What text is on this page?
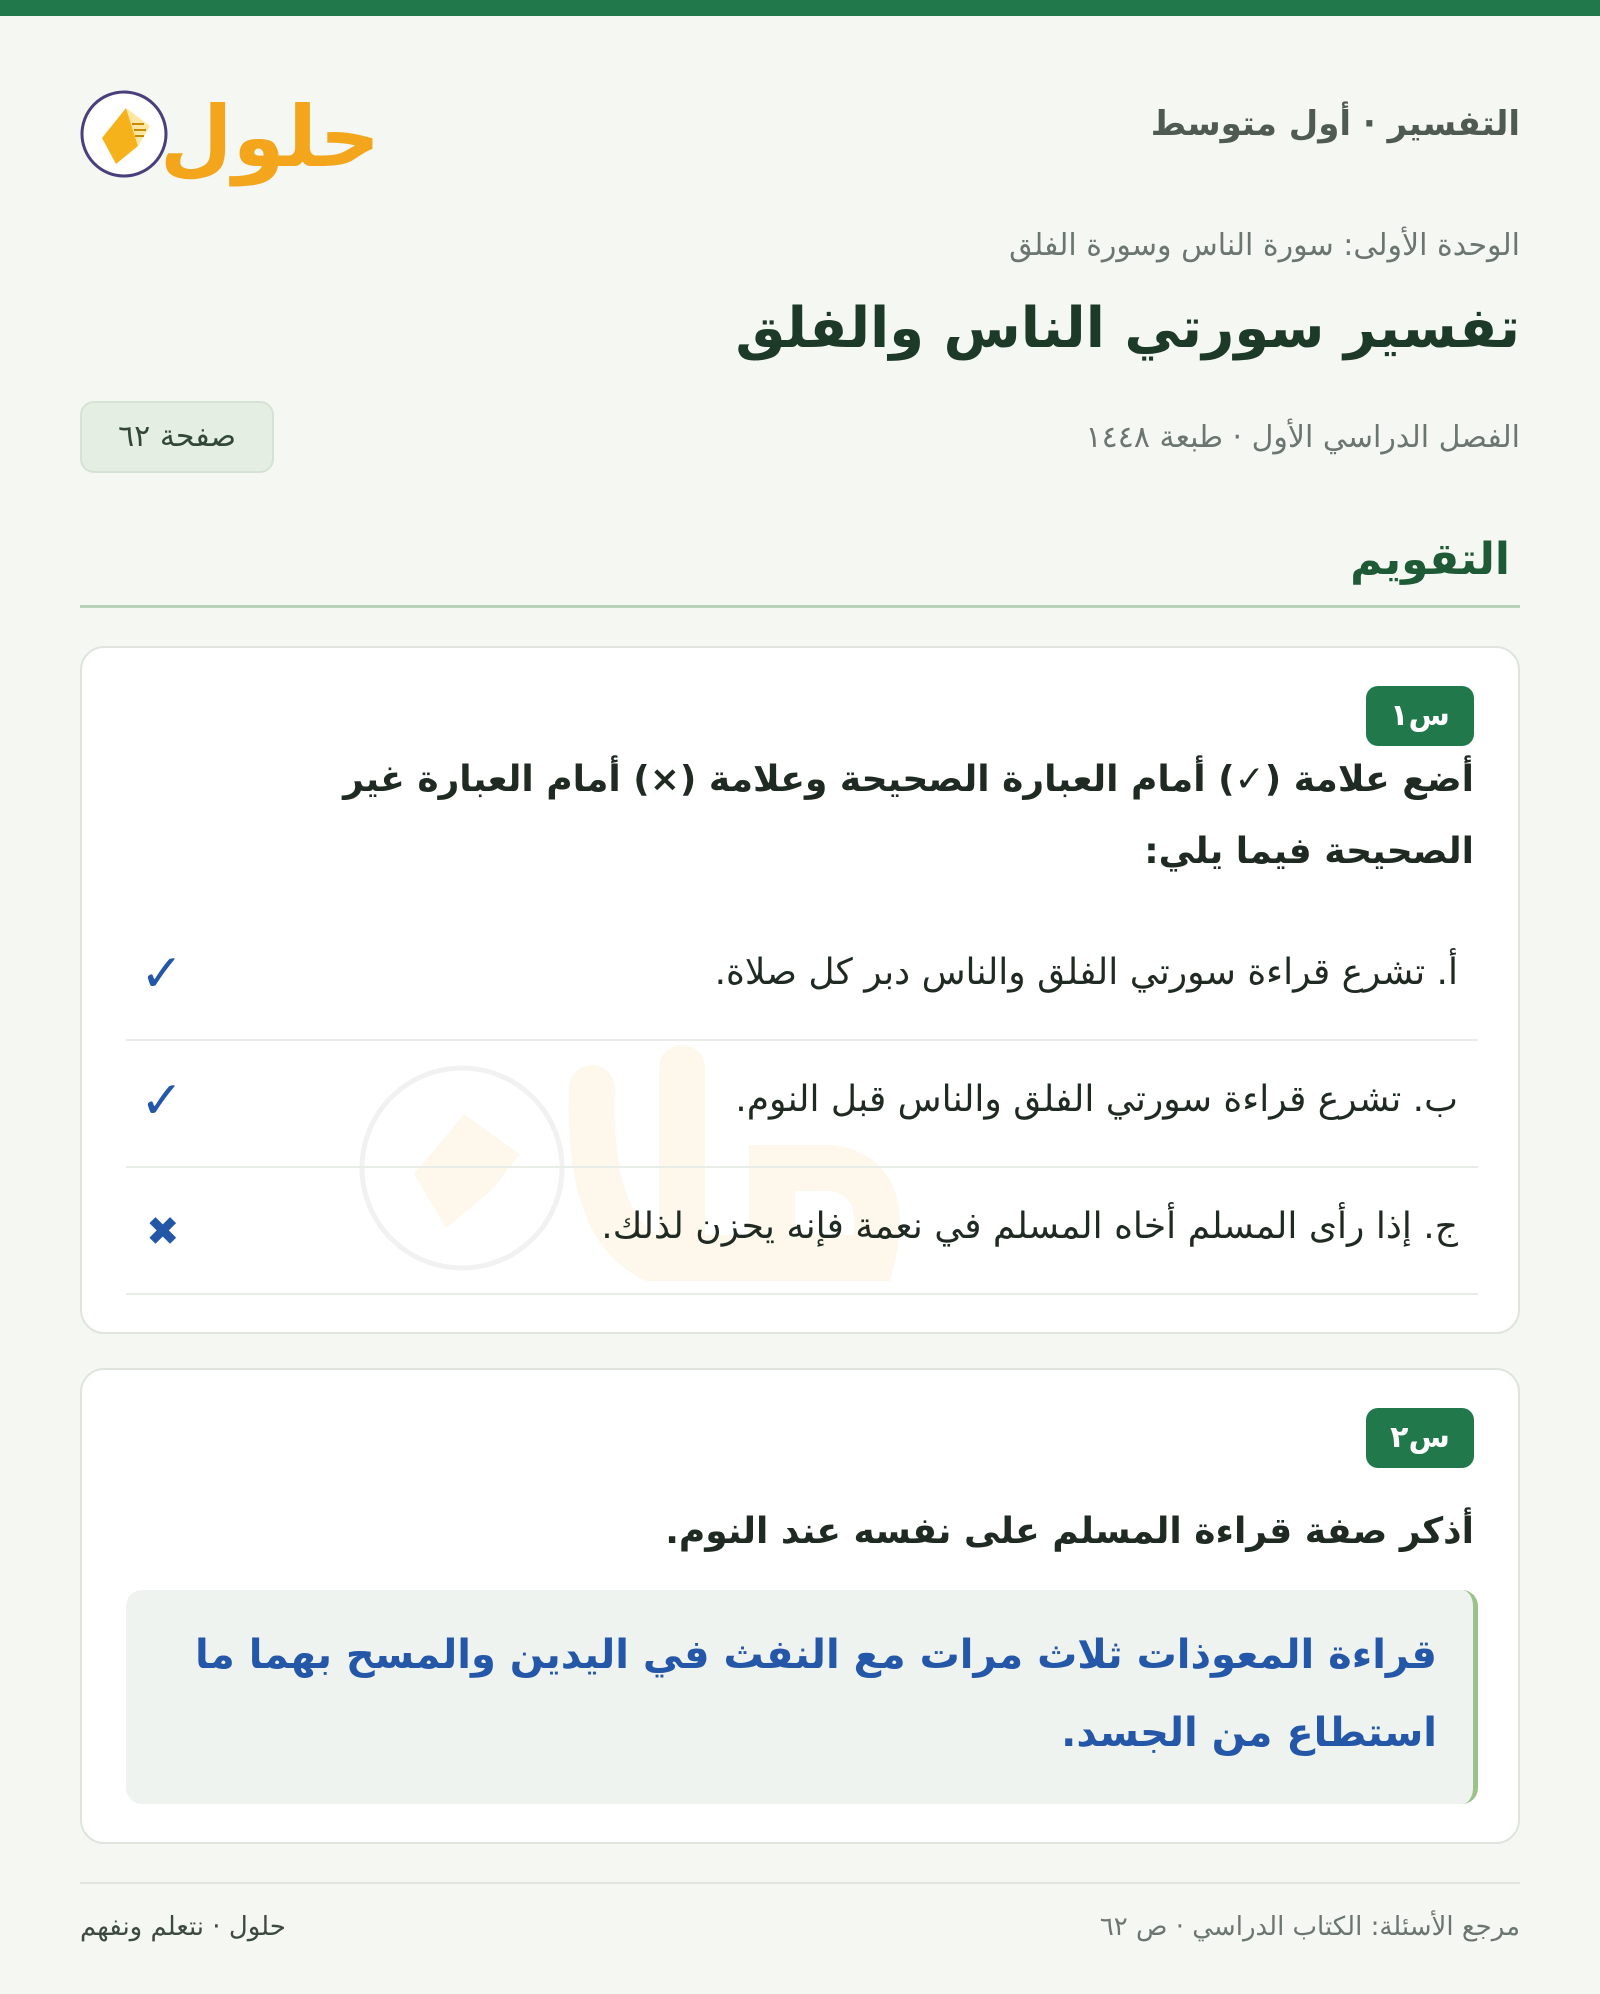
التفسير · أول متوسط
حلول
الوحدة الأولى: سورة الناس وسورة الفلق
تفسير سورتي الناس والفلق
الفصل الدراسي الأول · طبعة ١٤٤٨
صفحة ٦٢
التقويم
س١
أضع علامة (✓) أمام العبارة الصحيحة وعلامة (×) أمام العبارة غير الصحيحة فيما يلي:
أ. تشرع قراءة سورتي الفلق والناس دبر كل صلاة.
✓
ب. تشرع قراءة سورتي الفلق والناس قبل النوم.
✓
ج. إذا رأى المسلم أخاه المسلم في نعمة فإنه يحزن لذلك.
✖
س٢
أذكر صفة قراءة المسلم على نفسه عند النوم.
قراءة المعوذات ثلاث مرات مع النفث في اليدين والمسح بهما ما استطاع من الجسد.
مرجع الأسئلة: الكتاب الدراسي · ص ٦٢
حلول · نتعلم ونفهم
